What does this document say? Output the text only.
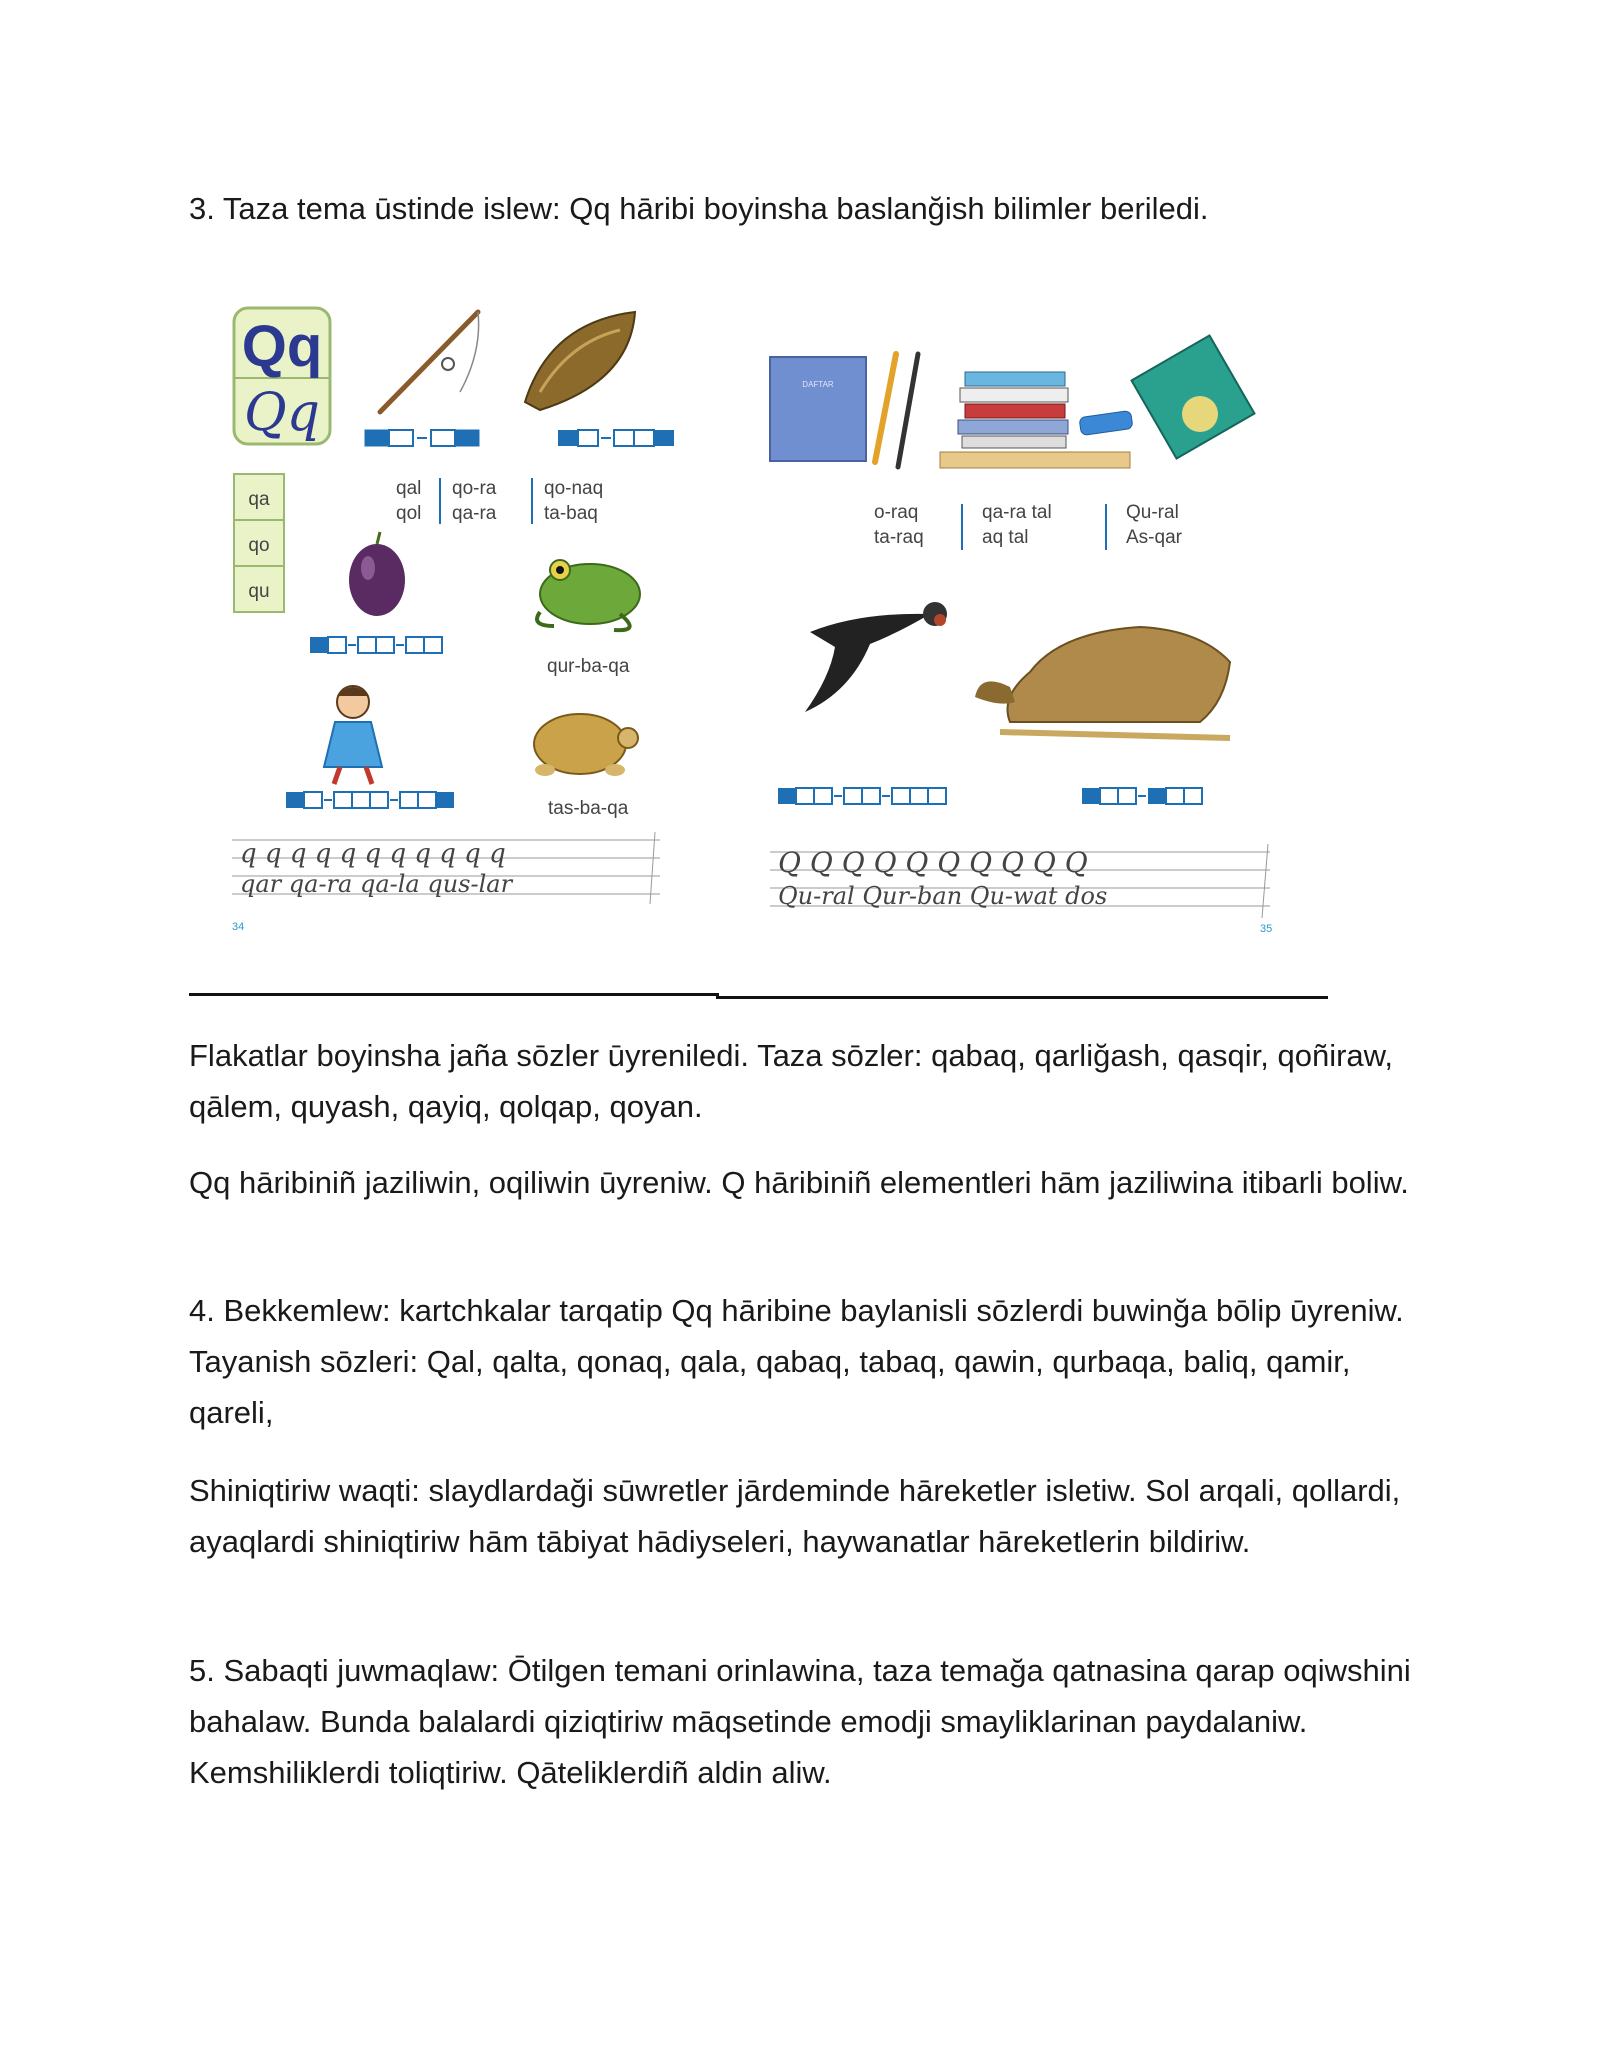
3. Taza tema ūstinde islew: Qq hāribi boyinsha baslanğish bilimler beriledi.

Qq
Qq
qa
qo
qu
qal
qol
qo-ra
qa-ra
qo-naq
ta-baq
qur-ba-qa
tas-ba-qa
q q q q q q q q q q q
qar qa-ra qa-la qus-lar
34
DAFTAR
o-raq
ta-raq
qa-ra tal
aq tal
Qu-ral
As-qar
Q Q Q Q Q Q Q Q Q Q
Qu-ral Qur-ban Qu-wat dos
35

Flakatlar boyinsha jaña sōzler ūyreniledi. Taza sōzler: qabaq, qarliğash, qasqir, qoñiraw, qālem, quyash, qayiq, qolqap, qoyan.

Qq hāribiniñ jaziliwin, oqiliwin ūyreniw. Q hāribiniñ elementleri hām jaziliwina itibarli boliw.

4. Bekkemlew: kartchkalar tarqatip Qq hāribine baylanisli sōzlerdi buwinğa bōlip ūyreniw. Tayanish sōzleri: Qal, qalta, qonaq, qala, qabaq, tabaq, qawin, qurbaqa, baliq, qamir, qareli,

Shiniqtiriw waqti: slaydlardaği sūwretler jārdeminde hāreketler isletiw. Sol arqali, qollardi, ayaqlardi shiniqtiriw hām tābiyat hādiyseleri, haywanatlar hāreketlerin bildiriw.

5. Sabaqti juwmaqlaw: Ōtilgen temani orinlawina, taza temağa qatnasina qarap oqiwshini bahalaw. Bunda balalardi qiziqtiriw māqsetinde emodji smayliklarinan paydalaniw. Kemshiliklerdi toliqtiriw. Qāteliklerdiñ aldin aliw.
